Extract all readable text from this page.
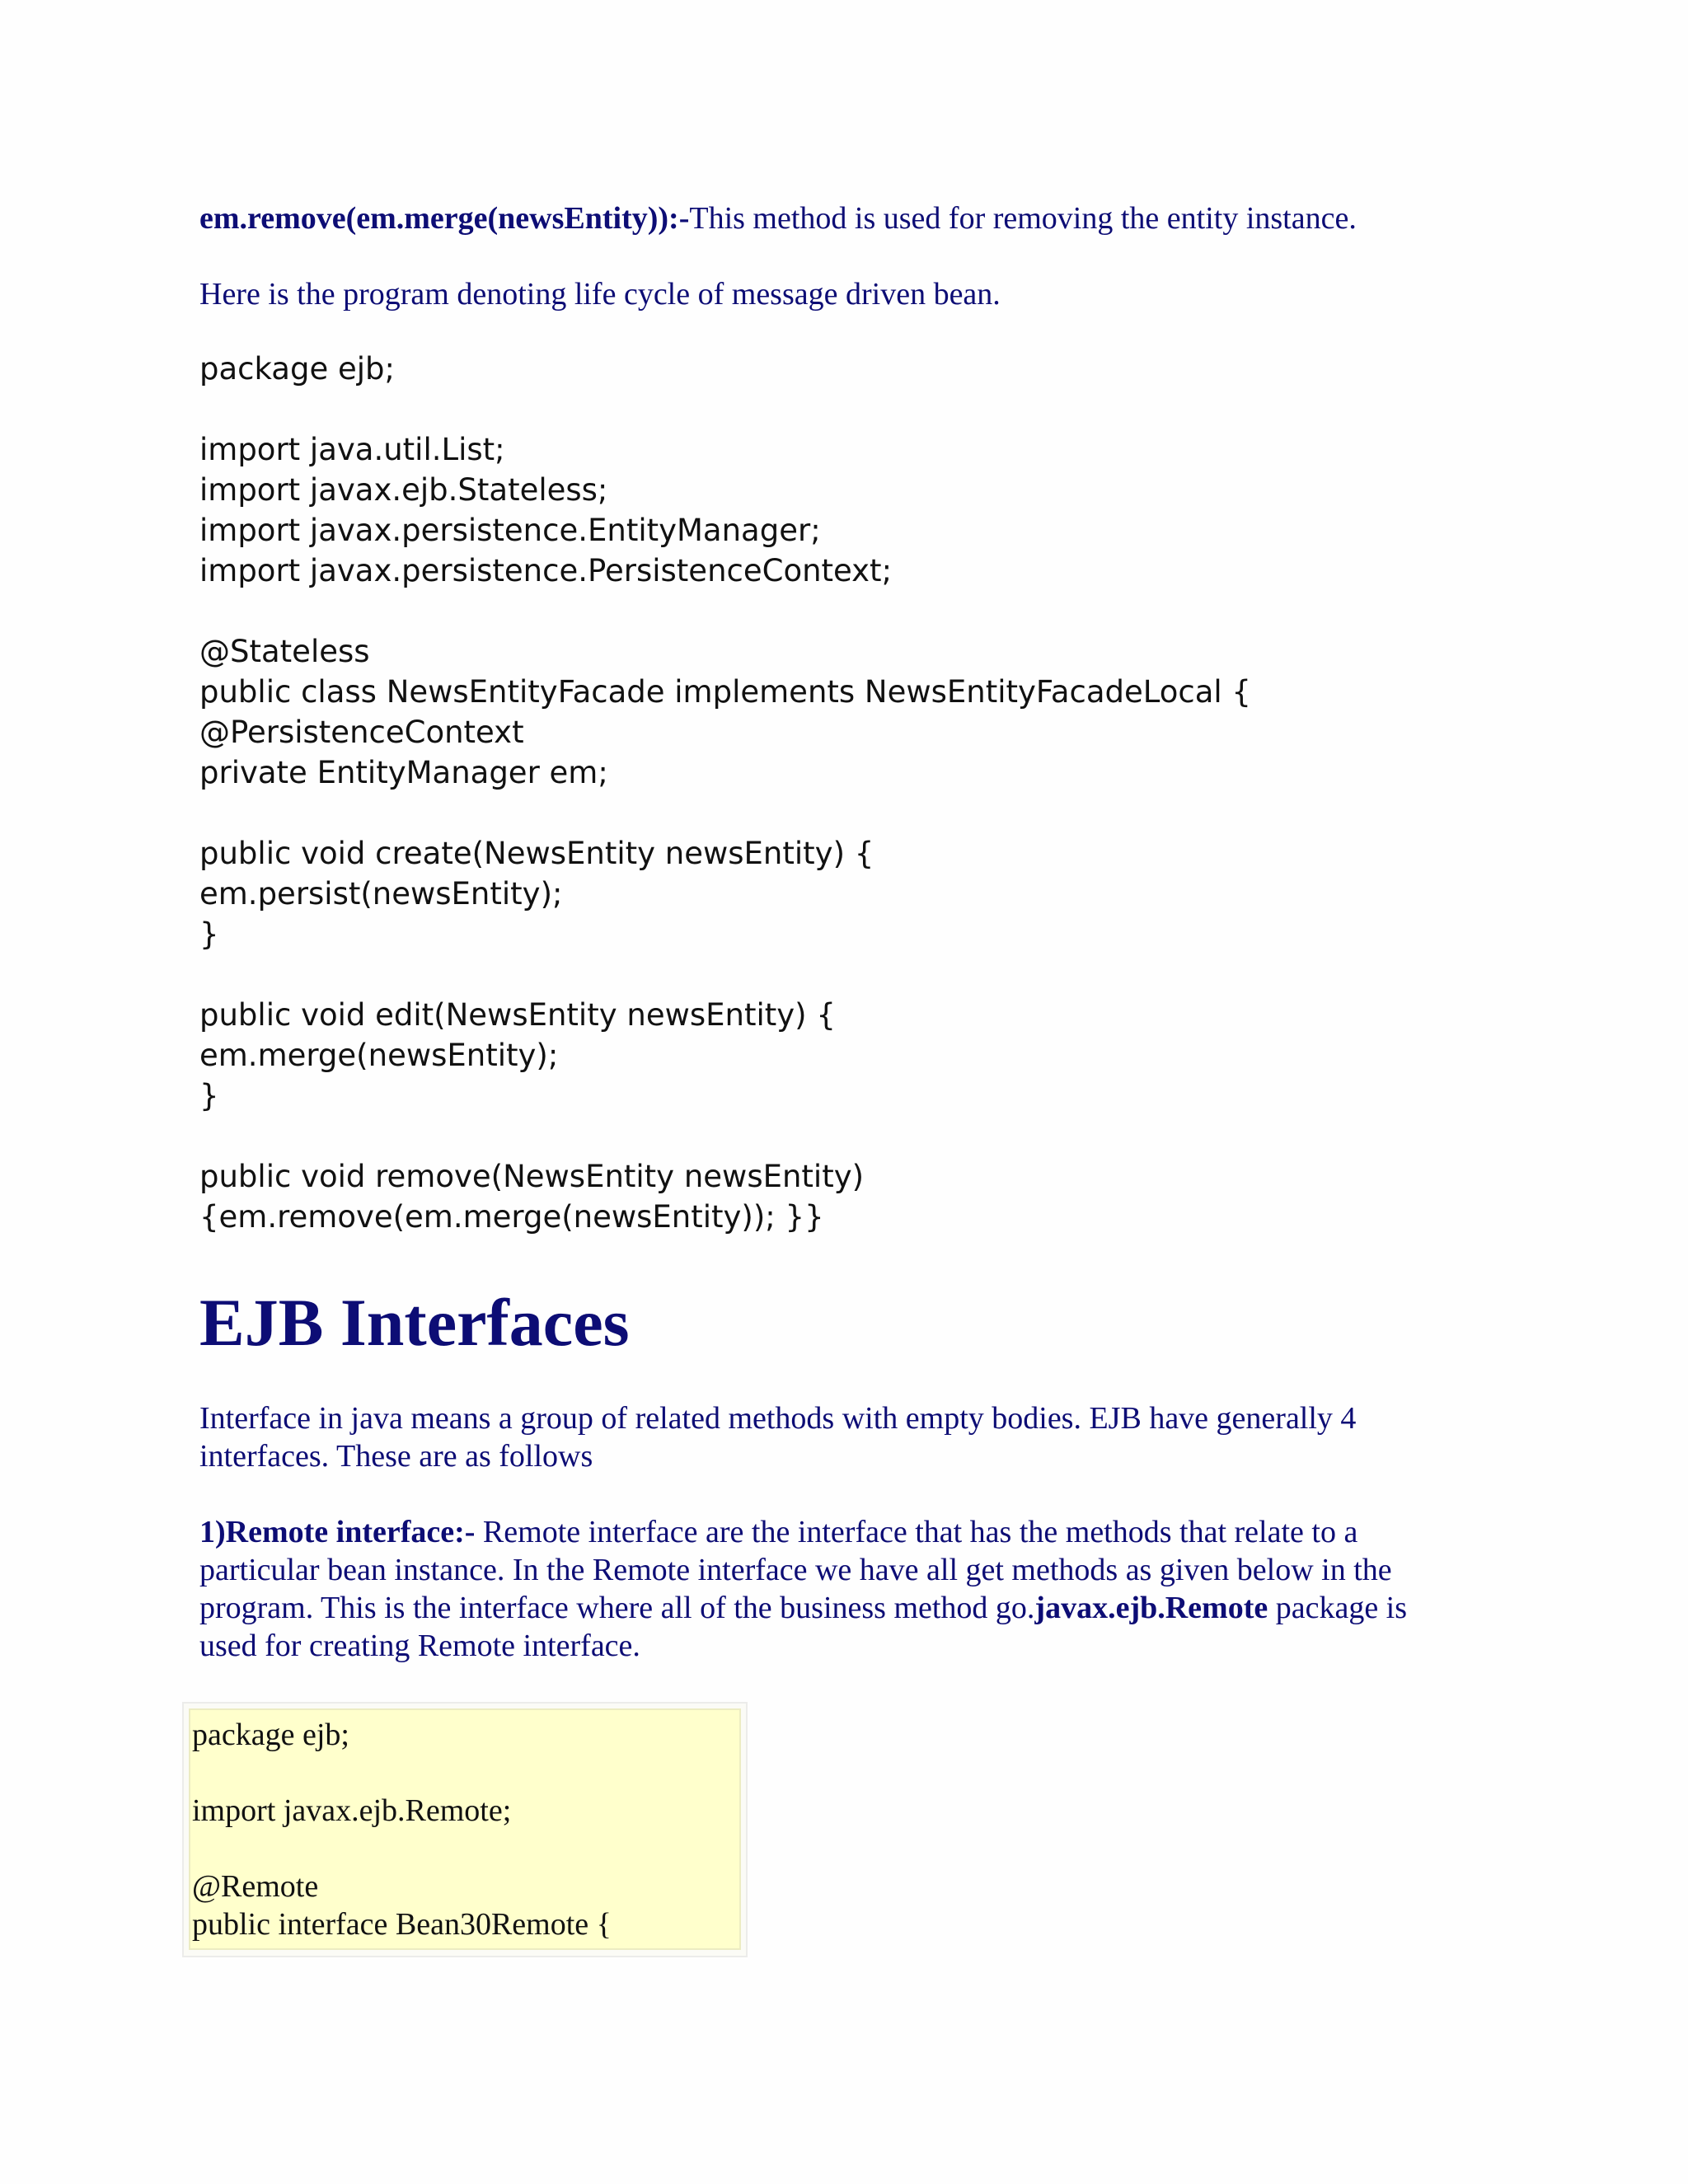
em.remove(em.merge(newsEntity)):-This method is used for removing the entity instance.

Here is the program denoting life cycle of message driven bean.

package ejb;

import java.util.List;
import javax.ejb.Stateless;
import javax.persistence.EntityManager;
import javax.persistence.PersistenceContext;

@Stateless
public class NewsEntityFacade implements NewsEntityFacadeLocal {
@PersistenceContext
private EntityManager em;

public void create(NewsEntity newsEntity) {
em.persist(newsEntity);
}

public void edit(NewsEntity newsEntity) {
em.merge(newsEntity);
}

public void remove(NewsEntity newsEntity)
{em.remove(em.merge(newsEntity)); }}
EJB Interfaces

Interface in java means a group of related methods with empty bodies. EJB have generally 4
interfaces. These are as follows

1)Remote interface:- Remote interface are the interface that has the methods that relate to a
particular bean instance. In the Remote interface we have all get methods as given below in the
program. This is the interface where all of the business method go.javax.ejb.Remote package is
used for creating Remote interface.

package ejb;

import javax.ejb.Remote;

@Remote
public interface Bean30Remote {
